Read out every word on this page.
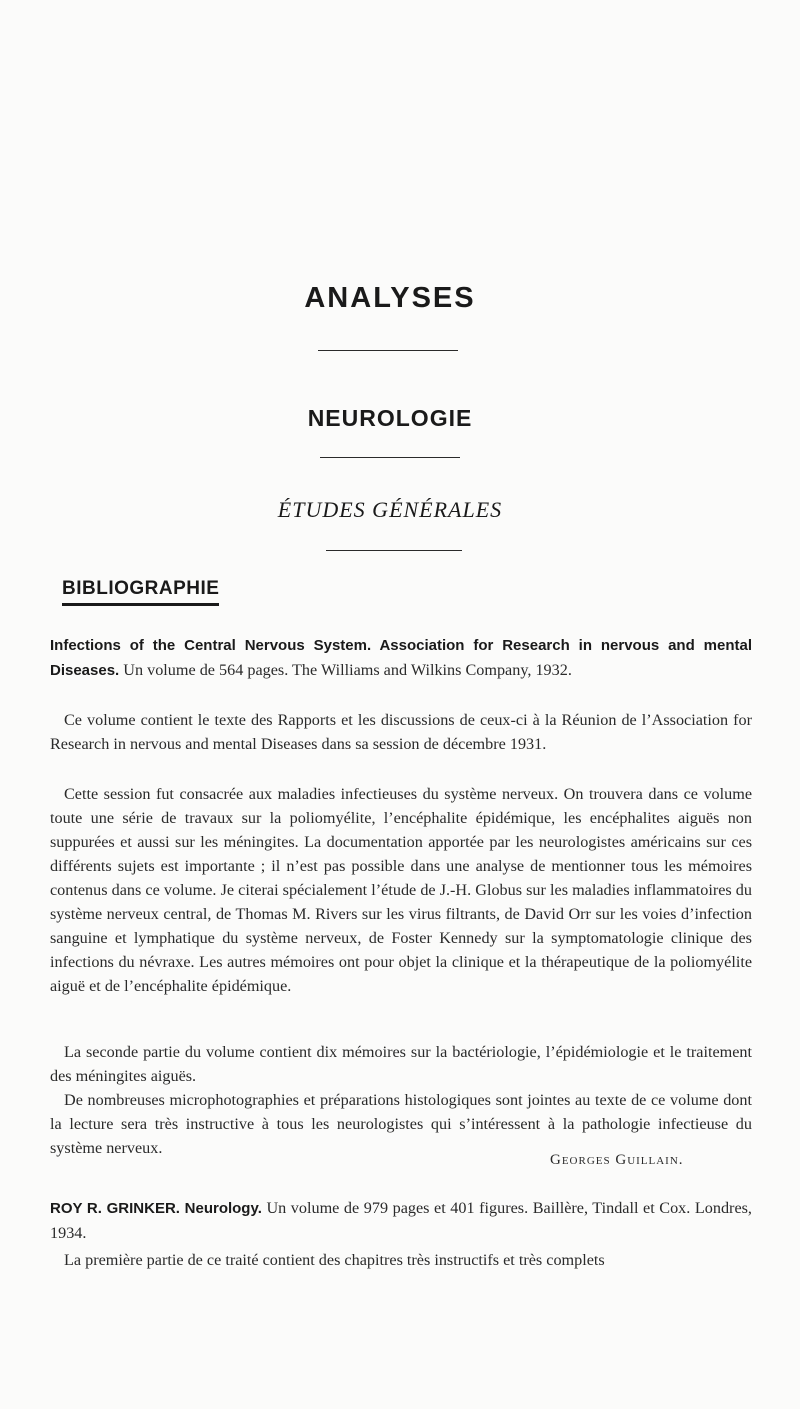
ANALYSES
NEUROLOGIE
ÉTUDES GÉNÉRALES
BIBLIOGRAPHIE
Infections of the Central Nervous System. Association for Research in nervous and mental Diseases. Un volume de 564 pages. The Williams and Wilkins Company, 1932.
Ce volume contient le texte des Rapports et les discussions de ceux-ci à la Réunion de l’Association for Research in nervous and mental Diseases dans sa session de décembre 1931.
Cette session fut consacrée aux maladies infectieuses du système nerveux. On trouvera dans ce volume toute une série de travaux sur la poliomyélite, l’encéphalite épidémique, les encéphalites aiguës non suppurées et aussi sur les méningites. La documentation apportée par les neurologistes américains sur ces différents sujets est importante ; il n’est pas possible dans une analyse de mentionner tous les mémoires contenus dans ce volume. Je citerai spécialement l’étude de J.-H. Globus sur les maladies inflammatoires du système nerveux central, de Thomas M. Rivers sur les virus filtrants, de David Orr sur les voies d’infection sanguine et lymphatique du système nerveux, de Foster Kennedy sur la symptomatologie clinique des infections du névraxe. Les autres mémoires ont pour objet la clinique et la thérapeutique de la poliomyélite aiguë et de l’encéphalite épidémique.
La seconde partie du volume contient dix mémoires sur la bactériologie, l’épidémiologie et le traitement des méningites aiguës.
De nombreuses microphotographies et préparations histologiques sont jointes au texte de ce volume dont la lecture sera très instructive à tous les neurologistes qui s’intéressent à la pathologie infectieuse du système nerveux.
Georges Guillain.
ROY R. GRINKER. Neurology. Un volume de 979 pages et 401 figures. Baillère, Tindall et Cox. Londres, 1934.
La première partie de ce traité contient des chapitres très instructifs et très complets
